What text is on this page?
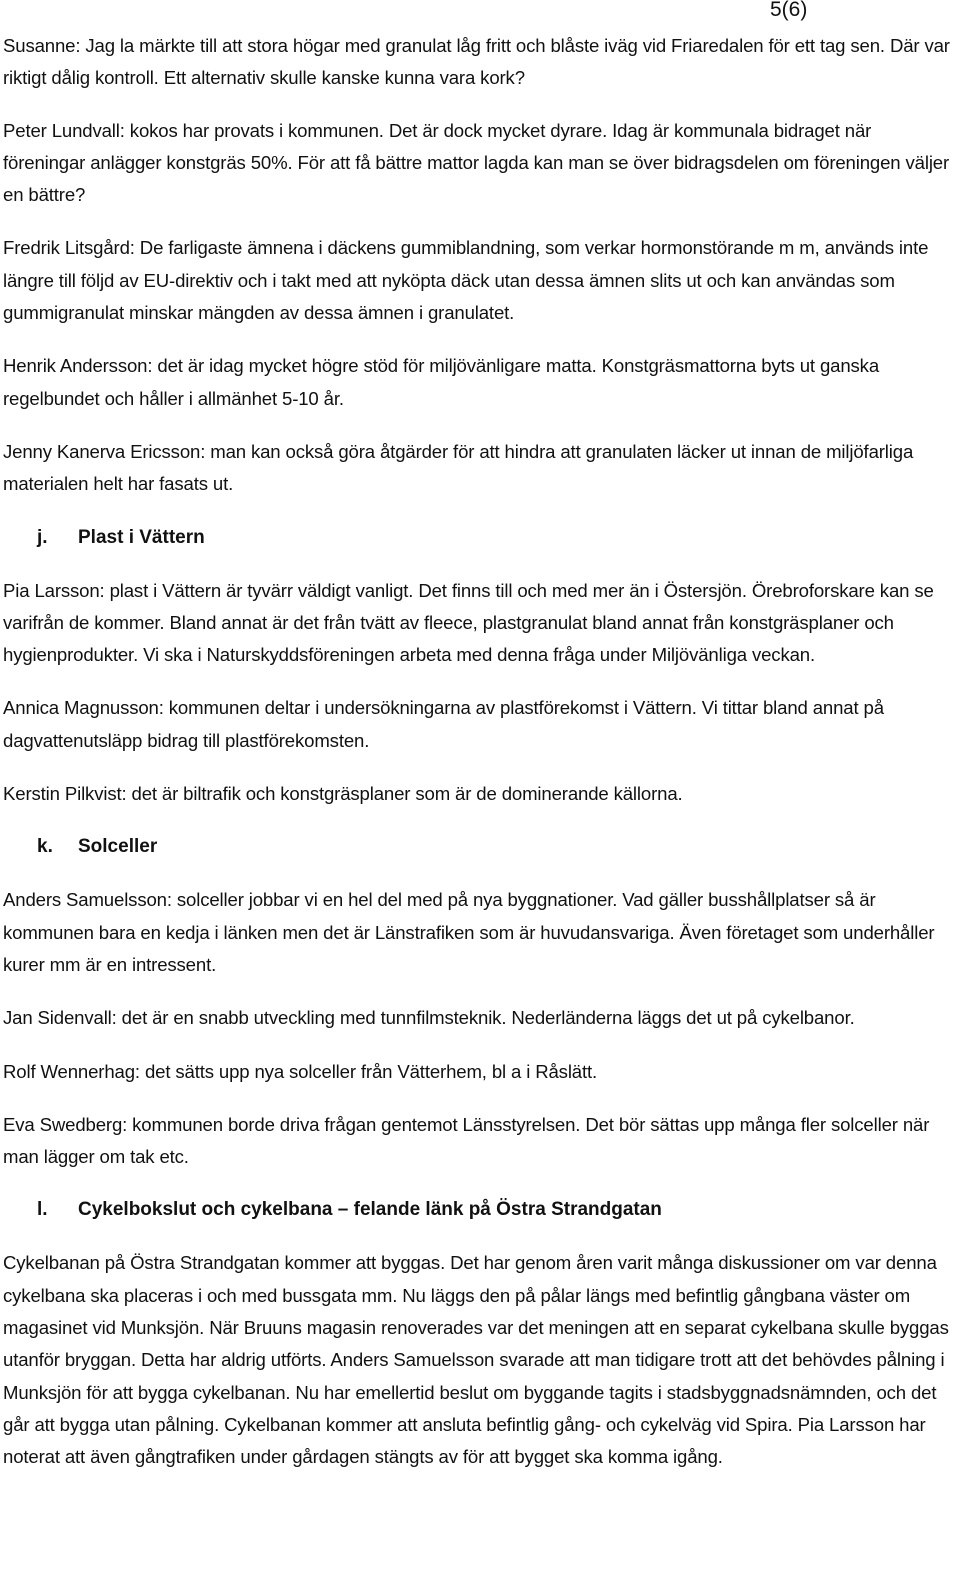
5(6)

Susanne: Jag la märkte till att stora högar med granulat låg fritt och blåste iväg vid Friaredalen för ett tag sen. Där var riktigt dålig kontroll. Ett alternativ skulle kanske kunna vara kork?

Peter Lundvall: kokos har provats i kommunen. Det är dock mycket dyrare. Idag är kommunala bidraget när föreningar anlägger konstgräs 50%. För att få bättre mattor lagda kan man se över bidragsdelen om föreningen väljer en bättre?

Fredrik Litsgård: De farligaste ämnena i däckens gummiblandning, som verkar hormonstörande m m, används inte längre till följd av EU-direktiv och i takt med att nyköpta däck utan dessa ämnen slits ut och kan användas som gummigranulat minskar mängden av dessa ämnen i granulatet.

Henrik Andersson: det är idag mycket högre stöd för miljövänligare matta. Konstgräsmattorna byts ut ganska regelbundet och håller i allmänhet 5-10 år.

Jenny Kanerva Ericsson: man kan också göra åtgärder för att hindra att granulaten läcker ut innan de miljöfarliga materialen helt har fasats ut.

j.	Plast i Vättern

Pia Larsson: plast i Vättern är tyvärr väldigt vanligt. Det finns till och med mer än i Östersjön. Örebroforskare kan se varifrån de kommer. Bland annat är det från tvätt av fleece, plastgranulat bland annat från konstgräsplaner och hygienprodukter. Vi ska i Naturskyddsföreningen arbeta med denna fråga under Miljövänliga veckan.

Annica Magnusson: kommunen deltar i undersökningarna av plastförekomst i Vättern. Vi tittar bland annat på dagvattenutsläpp bidrag till plastförekomsten.

Kerstin Pilkvist: det är biltrafik och konstgräsplaner som är de dominerande källorna.

k.	Solceller

Anders Samuelsson: solceller jobbar vi en hel del med på nya byggnationer. Vad gäller busshållplatser så är kommunen bara en kedja i länken men det är Länstrafiken som är huvudansvariga. Även företaget som underhåller kurer mm är en intressent.

Jan Sidenvall: det är en snabb utveckling med tunnfilmsteknik. Nederländerna läggs det ut på cykelbanor.

Rolf Wennerhag: det sätts upp nya solceller från Vätterhem, bl a i Råslätt.

Eva Swedberg: kommunen borde driva frågan gentemot Länsstyrelsen. Det bör sättas upp många fler solceller när man lägger om tak etc.

l.	Cykelbokslut och cykelbana – felande länk på Östra Strandgatan

Cykelbanan på Östra Strandgatan kommer att byggas. Det har genom åren varit många diskussioner om var denna cykelbana ska placeras i och med bussgata mm. Nu läggs den på pålar längs med befintlig gångbana väster om magasinet vid Munksjön. När Bruuns magasin renoverades var det meningen att en separat cykelbana skulle byggas utanför bryggan. Detta har aldrig utförts. Anders Samuelsson svarade att man tidigare trott att det behövdes pålning i Munksjön för att bygga cykelbanan. Nu har emellertid beslut om byggande tagits i stadsbyggnadsnämnden, och det går att bygga utan pålning. Cykelbanan kommer att ansluta befintlig gång- och cykelväg vid Spira. Pia Larsson har noterat att även gångtrafiken under gårdagen stängts av för att bygget ska komma igång.
